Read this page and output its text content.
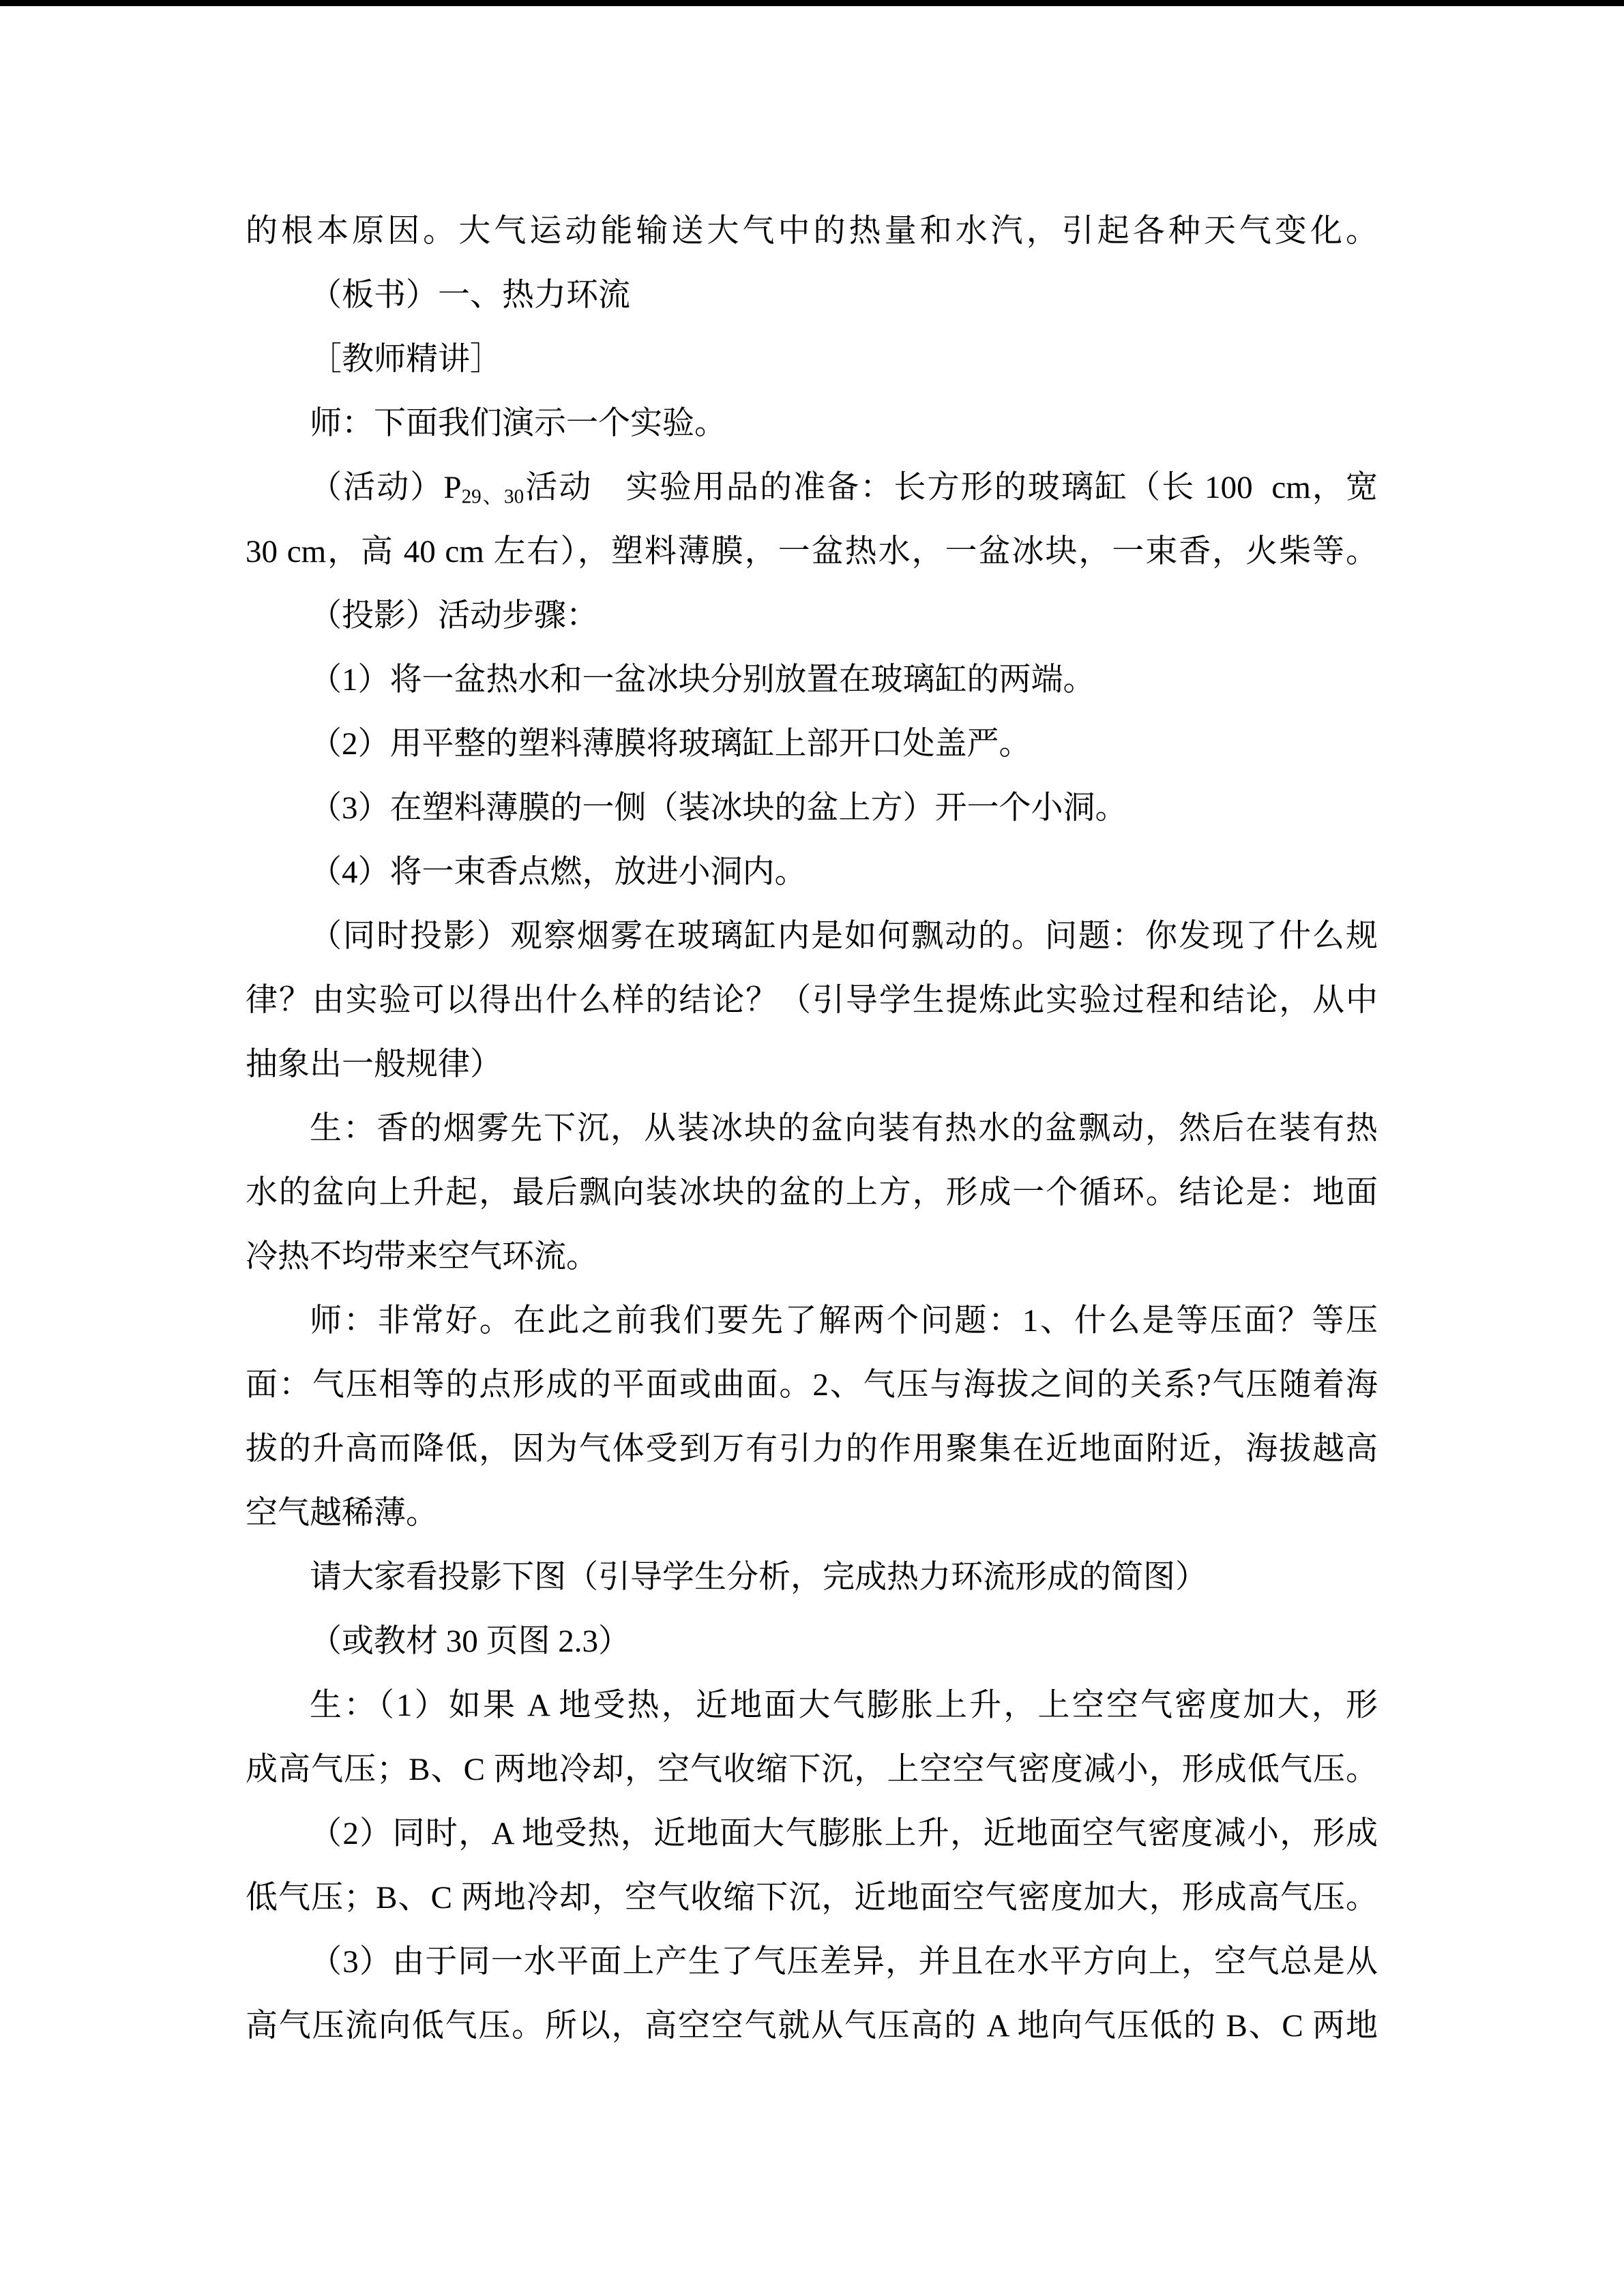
的根本原因。大气运动能输送大气中的热量和水汽，引起各种天气变化。
（板书）一、热力环流
［教师精讲］
师：下面我们演示一个实验。
（活动）$P_{29、30}$活动　实验用品的准备：长方形的玻璃缸（长 100  cm，宽
30 cm，高 40 cm 左右），塑料薄膜，一盆热水，一盆冰块，一束香，火柴等。
（投影）活动步骤：
（1）将一盆热水和一盆冰块分别放置在玻璃缸的两端。
（2）用平整的塑料薄膜将玻璃缸上部开口处盖严。
（3）在塑料薄膜的一侧（装冰块的盆上方）开一个小洞。
（4）将一束香点燃，放进小洞内。
（同时投影）观察烟雾在玻璃缸内是如何飘动的。问题：你发现了什么规
律？由实验可以得出什么样的结论？（引导学生提炼此实验过程和结论，从中
抽象出一般规律）
生：香的烟雾先下沉，从装冰块的盆向装有热水的盆飘动，然后在装有热
水的盆向上升起，最后飘向装冰块的盆的上方，形成一个循环。结论是：地面
冷热不均带来空气环流。
师：非常好。在此之前我们要先了解两个问题：1、什么是等压面？等压
面：气压相等的点形成的平面或曲面。2、气压与海拔之间的关系?气压随着海
拔的升高而降低，因为气体受到万有引力的作用聚集在近地面附近，海拔越高
空气越稀薄。
请大家看投影下图（引导学生分析，完成热力环流形成的简图）
（或教材 30 页图 2.3）
生：（1）如果 A 地受热，近地面大气膨胀上升，上空空气密度加大，形
成高气压；B、C 两地冷却，空气收缩下沉，上空空气密度减小，形成低气压。
（2）同时，A 地受热，近地面大气膨胀上升，近地面空气密度减小，形成
低气压；B、C 两地冷却，空气收缩下沉，近地面空气密度加大，形成高气压。
（3）由于同一水平面上产生了气压差异，并且在水平方向上，空气总是从
高气压流向低气压。所以，高空空气就从气压高的 A 地向气压低的 B、C 两地
